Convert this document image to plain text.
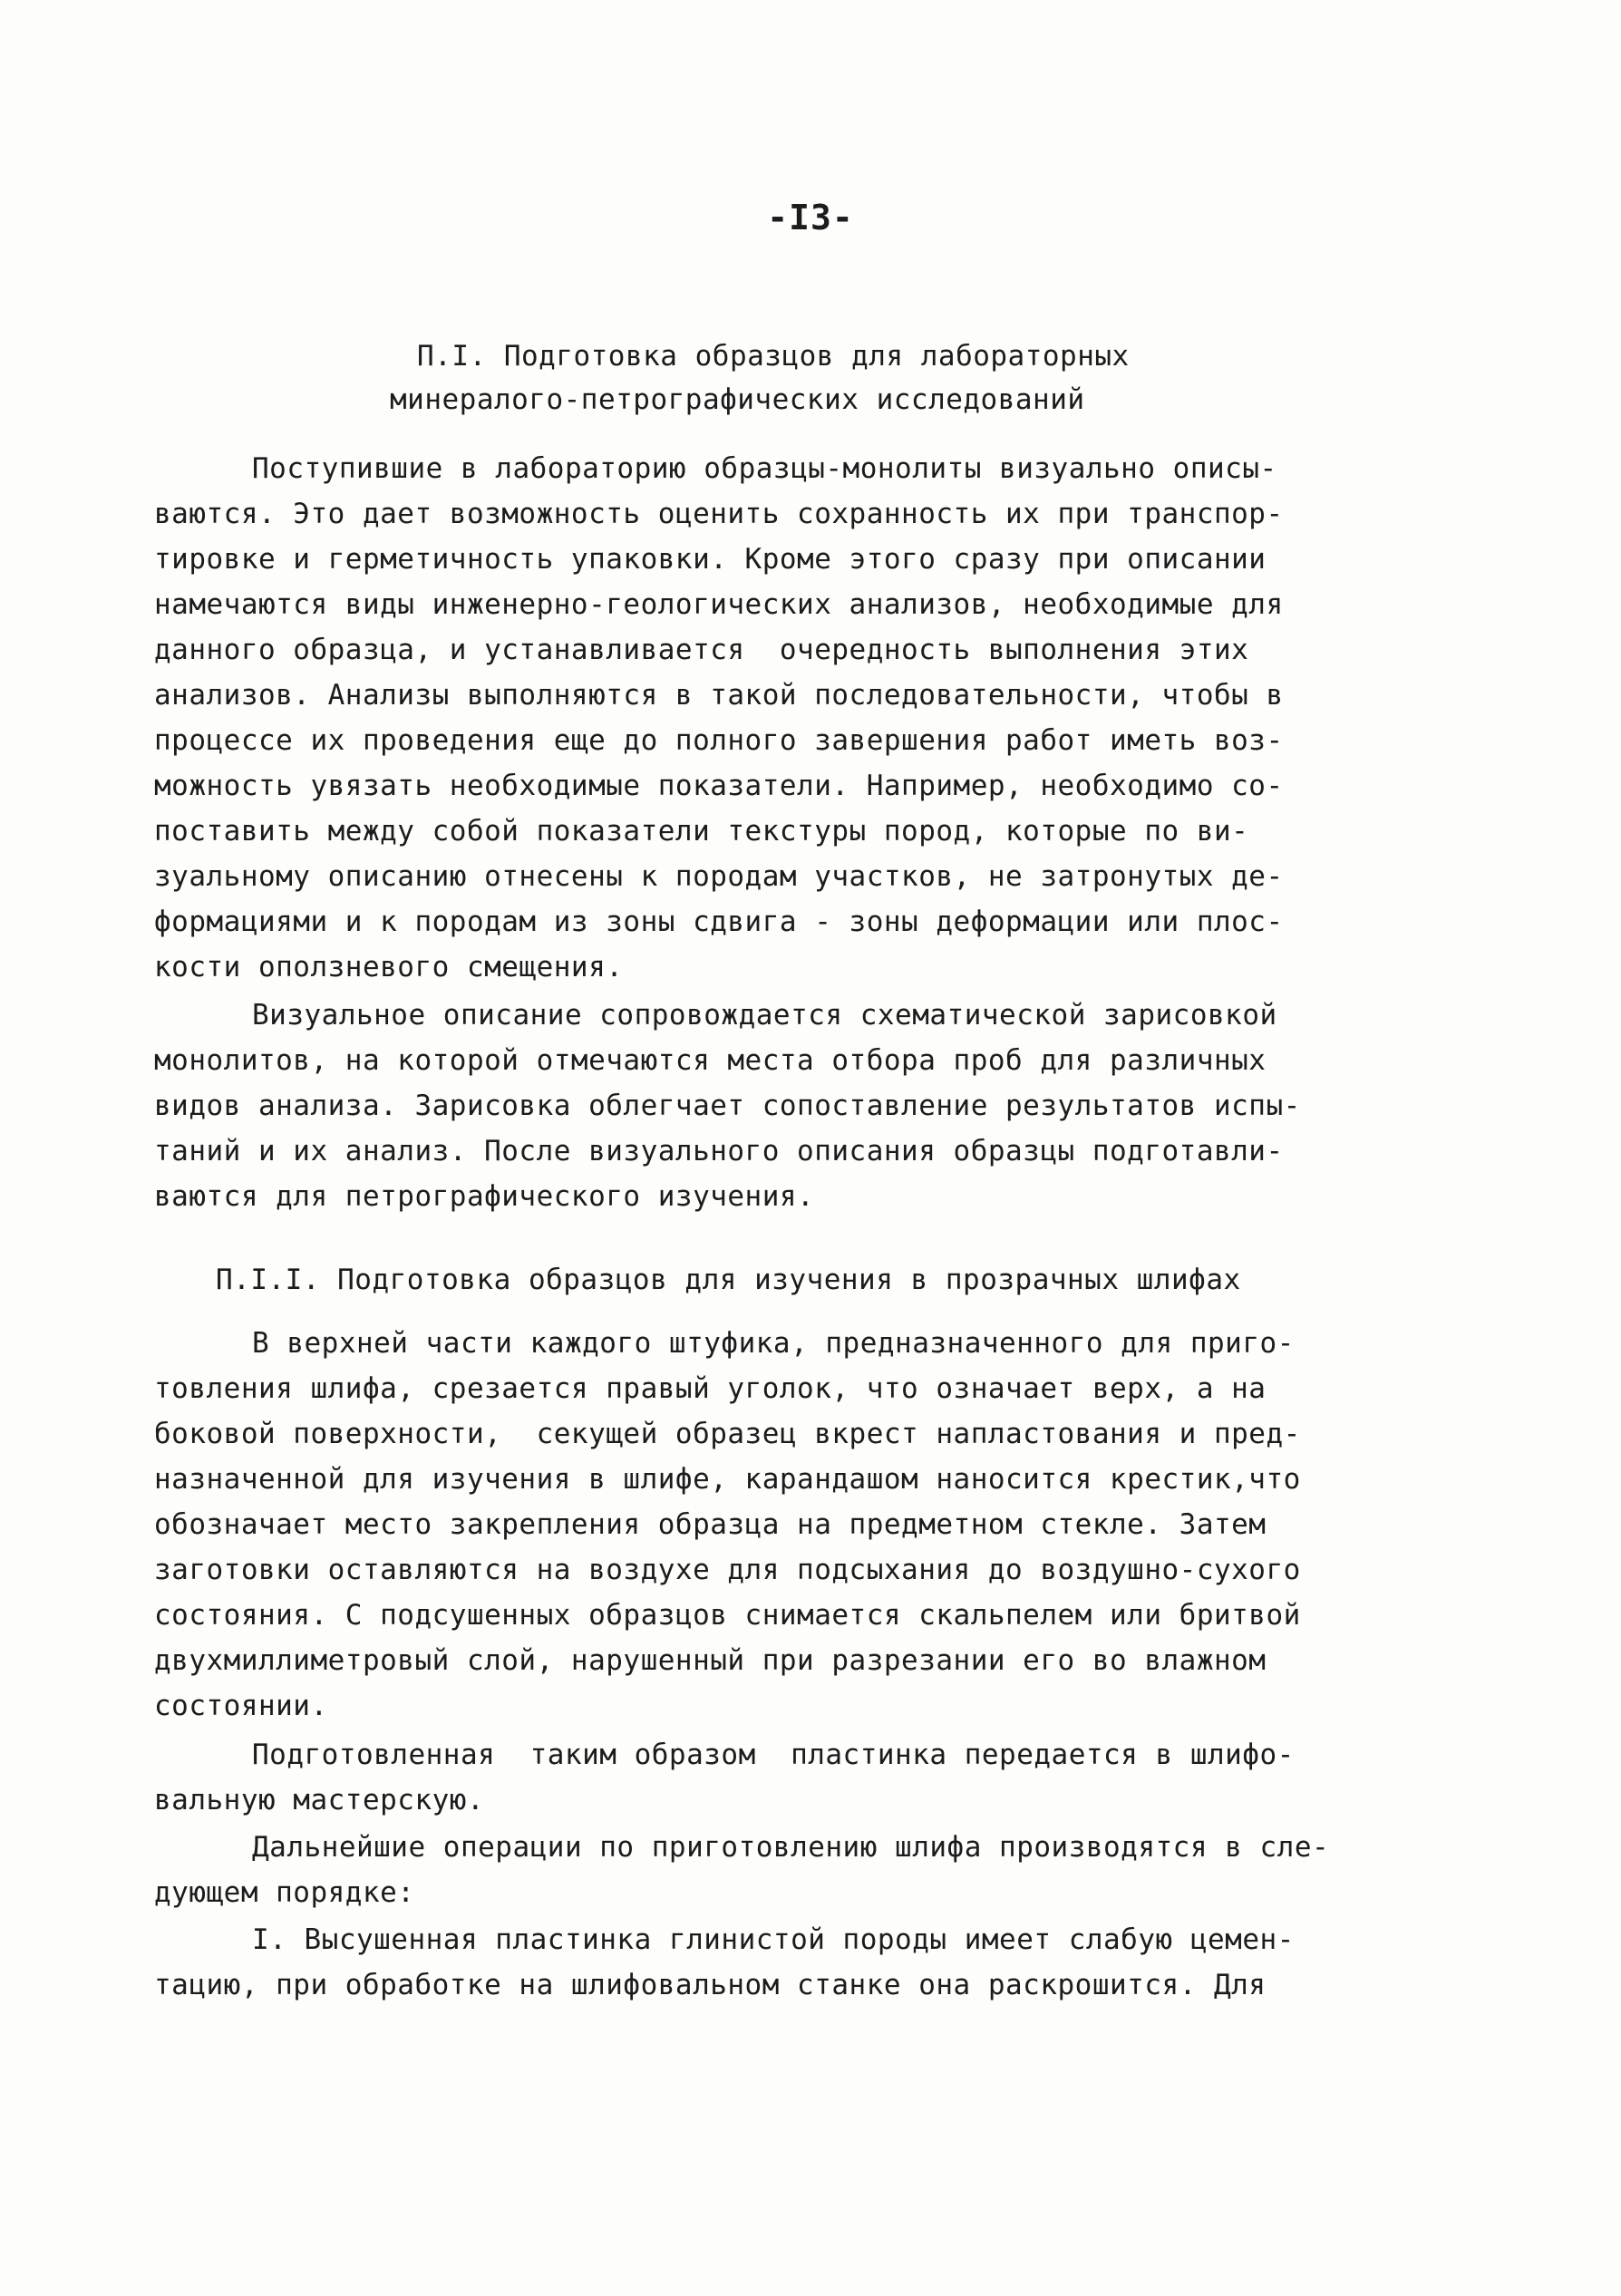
-I3-
П.I. Подготовка образцов для лабораторных
минералого-петрографических исследований
Поступившие в лабораторию образцы-монолиты визуально описы-
ваются. Это дает возможность оценить сохранность их при транспор-
тировке и герметичность упаковки. Кроме этого сразу при описании
намечаются виды инженерно-геологических анализов, необходимые для
данного образца, и устанавливается  очередность выполнения этих
анализов. Анализы выполняются в такой последовательности, чтобы в
процессе их проведения еще до полного завершения работ иметь воз-
можность увязать необходимые показатели. Например, необходимо со-
поставить между собой показатели текстуры пород, которые по ви-
зуальному описанию отнесены к породам участков, не затронутых де-
формациями и к породам из зоны сдвига - зоны деформации или плос-
кости оползневого смещения.
Визуальное описание сопровождается схематической зарисовкой
монолитов, на которой отмечаются места отбора проб для различных
видов анализа. Зарисовка облегчает сопоставление результатов испы-
таний и их анализ. После визуального описания образцы подготавли-
ваются для петрографического изучения.
П.I.I. Подготовка образцов для изучения в прозрачных шлифах
В верхней части каждого штуфика, предназначенного для приго-
товления шлифа, срезается правый уголок, что означает верх, а на
боковой поверхности,  секущей образец вкрест напластования и пред-
назначенной для изучения в шлифе, карандашом наносится крестик,что
обозначает место закрепления образца на предметном стекле. Затем
заготовки оставляются на воздухе для подсыхания до воздушно-сухого
состояния. С подсушенных образцов снимается скальпелем или бритвой
двухмиллиметровый слой, нарушенный при разрезании его во влажном
состоянии.
Подготовленная  таким образом  пластинка передается в шлифо-
вальную мастерскую.
Дальнейшие операции по приготовлению шлифа производятся в сле-
дующем порядке:
I. Высушенная пластинка глинистой породы имеет слабую цемен-
тацию, при обработке на шлифовальном станке она раскрошится. Для
